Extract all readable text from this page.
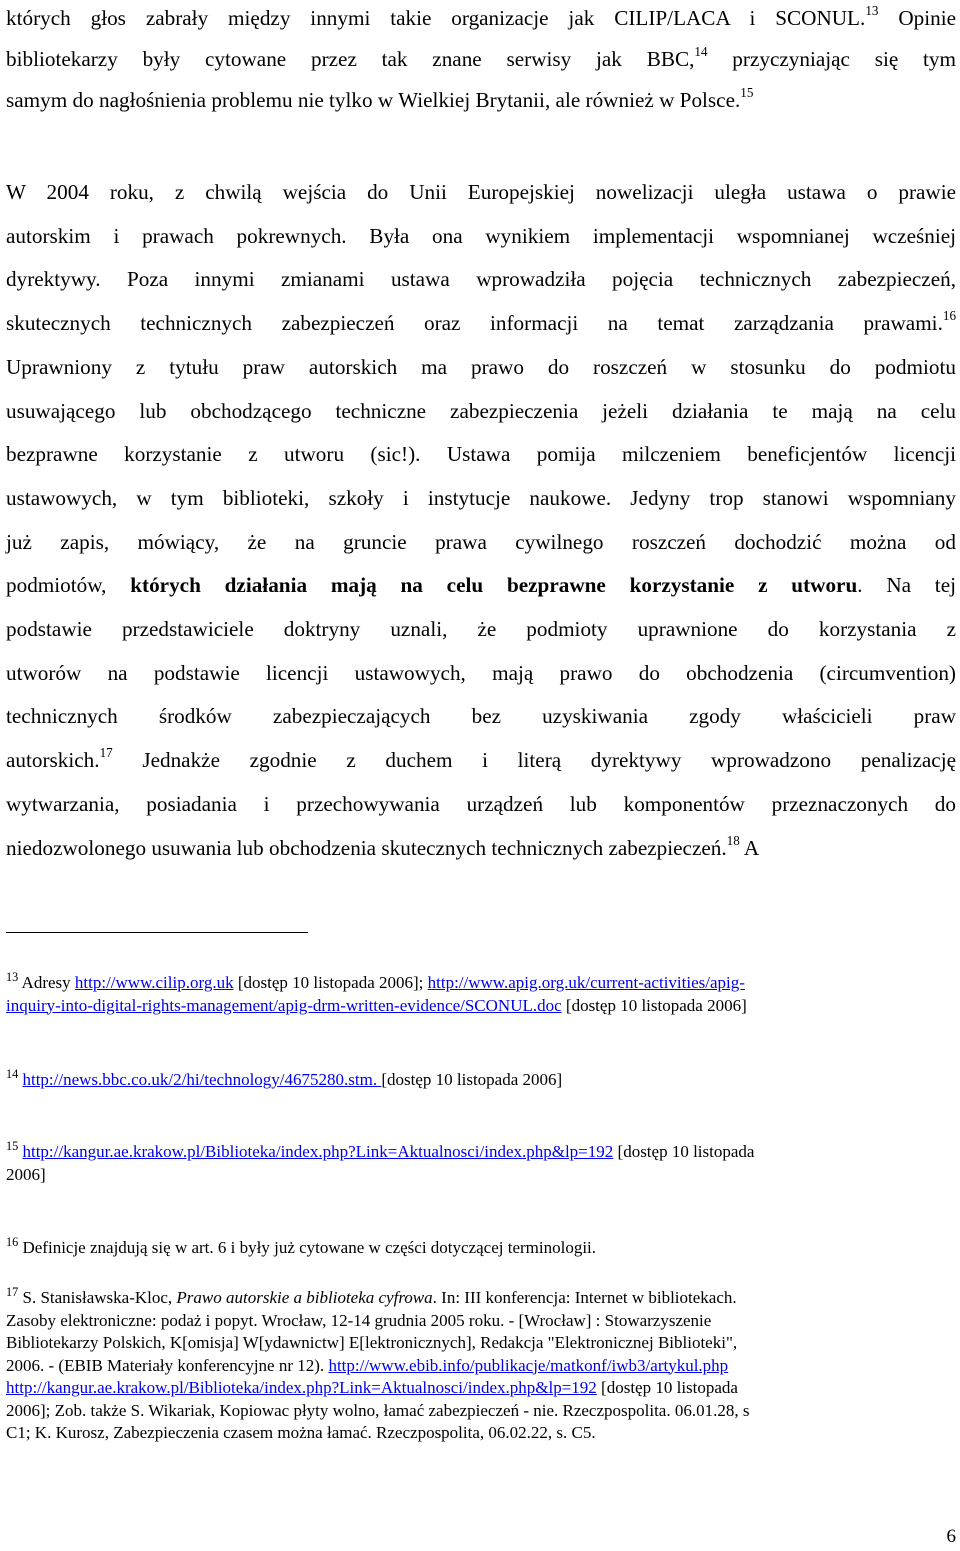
których głos zabrały między innymi takie organizacje jak CILIP/LACA i SCONUL.$^{13}$ Opinie
bibliotekarzy były cytowane przez tak znane serwisy jak BBC,$^{14}$ przyczyniając się tym
samym do nagłośnienia problemu nie tylko w Wielkiej Brytanii, ale również w Polsce.$^{15}$

W 2004 roku, z chwilą wejścia do Unii Europejskiej nowelizacji uległa ustawa o prawie
autorskim i prawach pokrewnych. Była ona wynikiem implementacji wspomnianej wcześniej
dyrektywy. Poza innymi zmianami ustawa wprowadziła pojęcia technicznych zabezpieczeń,
skutecznych technicznych zabezpieczeń oraz informacji na temat zarządzania prawami.$^{16}$
Uprawniony z tytułu praw autorskich ma prawo do roszczeń w stosunku do podmiotu
usuwającego lub obchodzącego techniczne zabezpieczenia jeżeli działania te mają na celu
bezprawne korzystanie z utworu (sic!). Ustawa pomija milczeniem beneficjentów licencji
ustawowych, w tym biblioteki, szkoły i instytucje naukowe. Jedyny trop stanowi wspomniany
już zapis, mówiący, że na gruncie prawa cywilnego roszczeń dochodzić można od
podmiotów, których działania mają na celu bezprawne korzystanie z utworu. Na tej
podstawie przedstawiciele doktryny uznali, że podmioty uprawnione do korzystania z
utworów na podstawie licencji ustawowych, mają prawo do obchodzenia (circumvention)
technicznych środków zabezpieczających bez uzyskiwania zgody właścicieli praw
autorskich.$^{17}$ Jednakże zgodnie z duchem i literą dyrektywy wprowadzono penalizację
wytwarzania, posiadania i przechowywania urządzeń lub komponentów przeznaczonych do
niedozwolonego usuwania lub obchodzenia skutecznych technicznych zabezpieczeń.$^{18}$ A

$^{13}$ Adresy http://www.cilip.org.uk [dostęp 10 listopada 2006]; http://www.apig.org.uk/current-activities/apig-
inquiry-into-digital-rights-management/apig-drm-written-evidence/SCONUL.doc [dostęp 10 listopada 2006]

$^{14}$ http://news.bbc.co.uk/2/hi/technology/4675280.stm. [dostęp 10 listopada 2006]

$^{15}$ http://kangur.ae.krakow.pl/Biblioteka/index.php?Link=Aktualnosci/index.php&lp=192 [dostęp 10 listopada
2006]

$^{16}$ Definicje znajdują się w art. 6 i były już cytowane w części dotyczącej terminologii.

$^{17}$ S. Stanisławska-Kloc, Prawo autorskie a biblioteka cyfrowa. In: III konferencja: Internet w bibliotekach.
Zasoby elektroniczne: podaż i popyt. Wrocław, 12-14 grudnia 2005 roku. - [Wrocław] : Stowarzyszenie
Bibliotekarzy Polskich, K[omisja] W[ydawnictw] E[lektronicznych], Redakcja "Elektronicznej Biblioteki",
2006. - (EBIB Materiały konferencyjne nr 12). http://www.ebib.info/publikacje/matkonf/iwb3/artykul.php
http://kangur.ae.krakow.pl/Biblioteka/index.php?Link=Aktualnosci/index.php&lp=192 [dostęp 10 listopada
2006]; Zob. także S. Wikariak, Kopiowac płyty wolno, łamać zabezpieczeń - nie. Rzeczpospolita. 06.01.28, s
C1; K. Kurosz, Zabezpieczenia czasem można łamać. Rzeczpospolita, 06.02.22, s. C5.

6
